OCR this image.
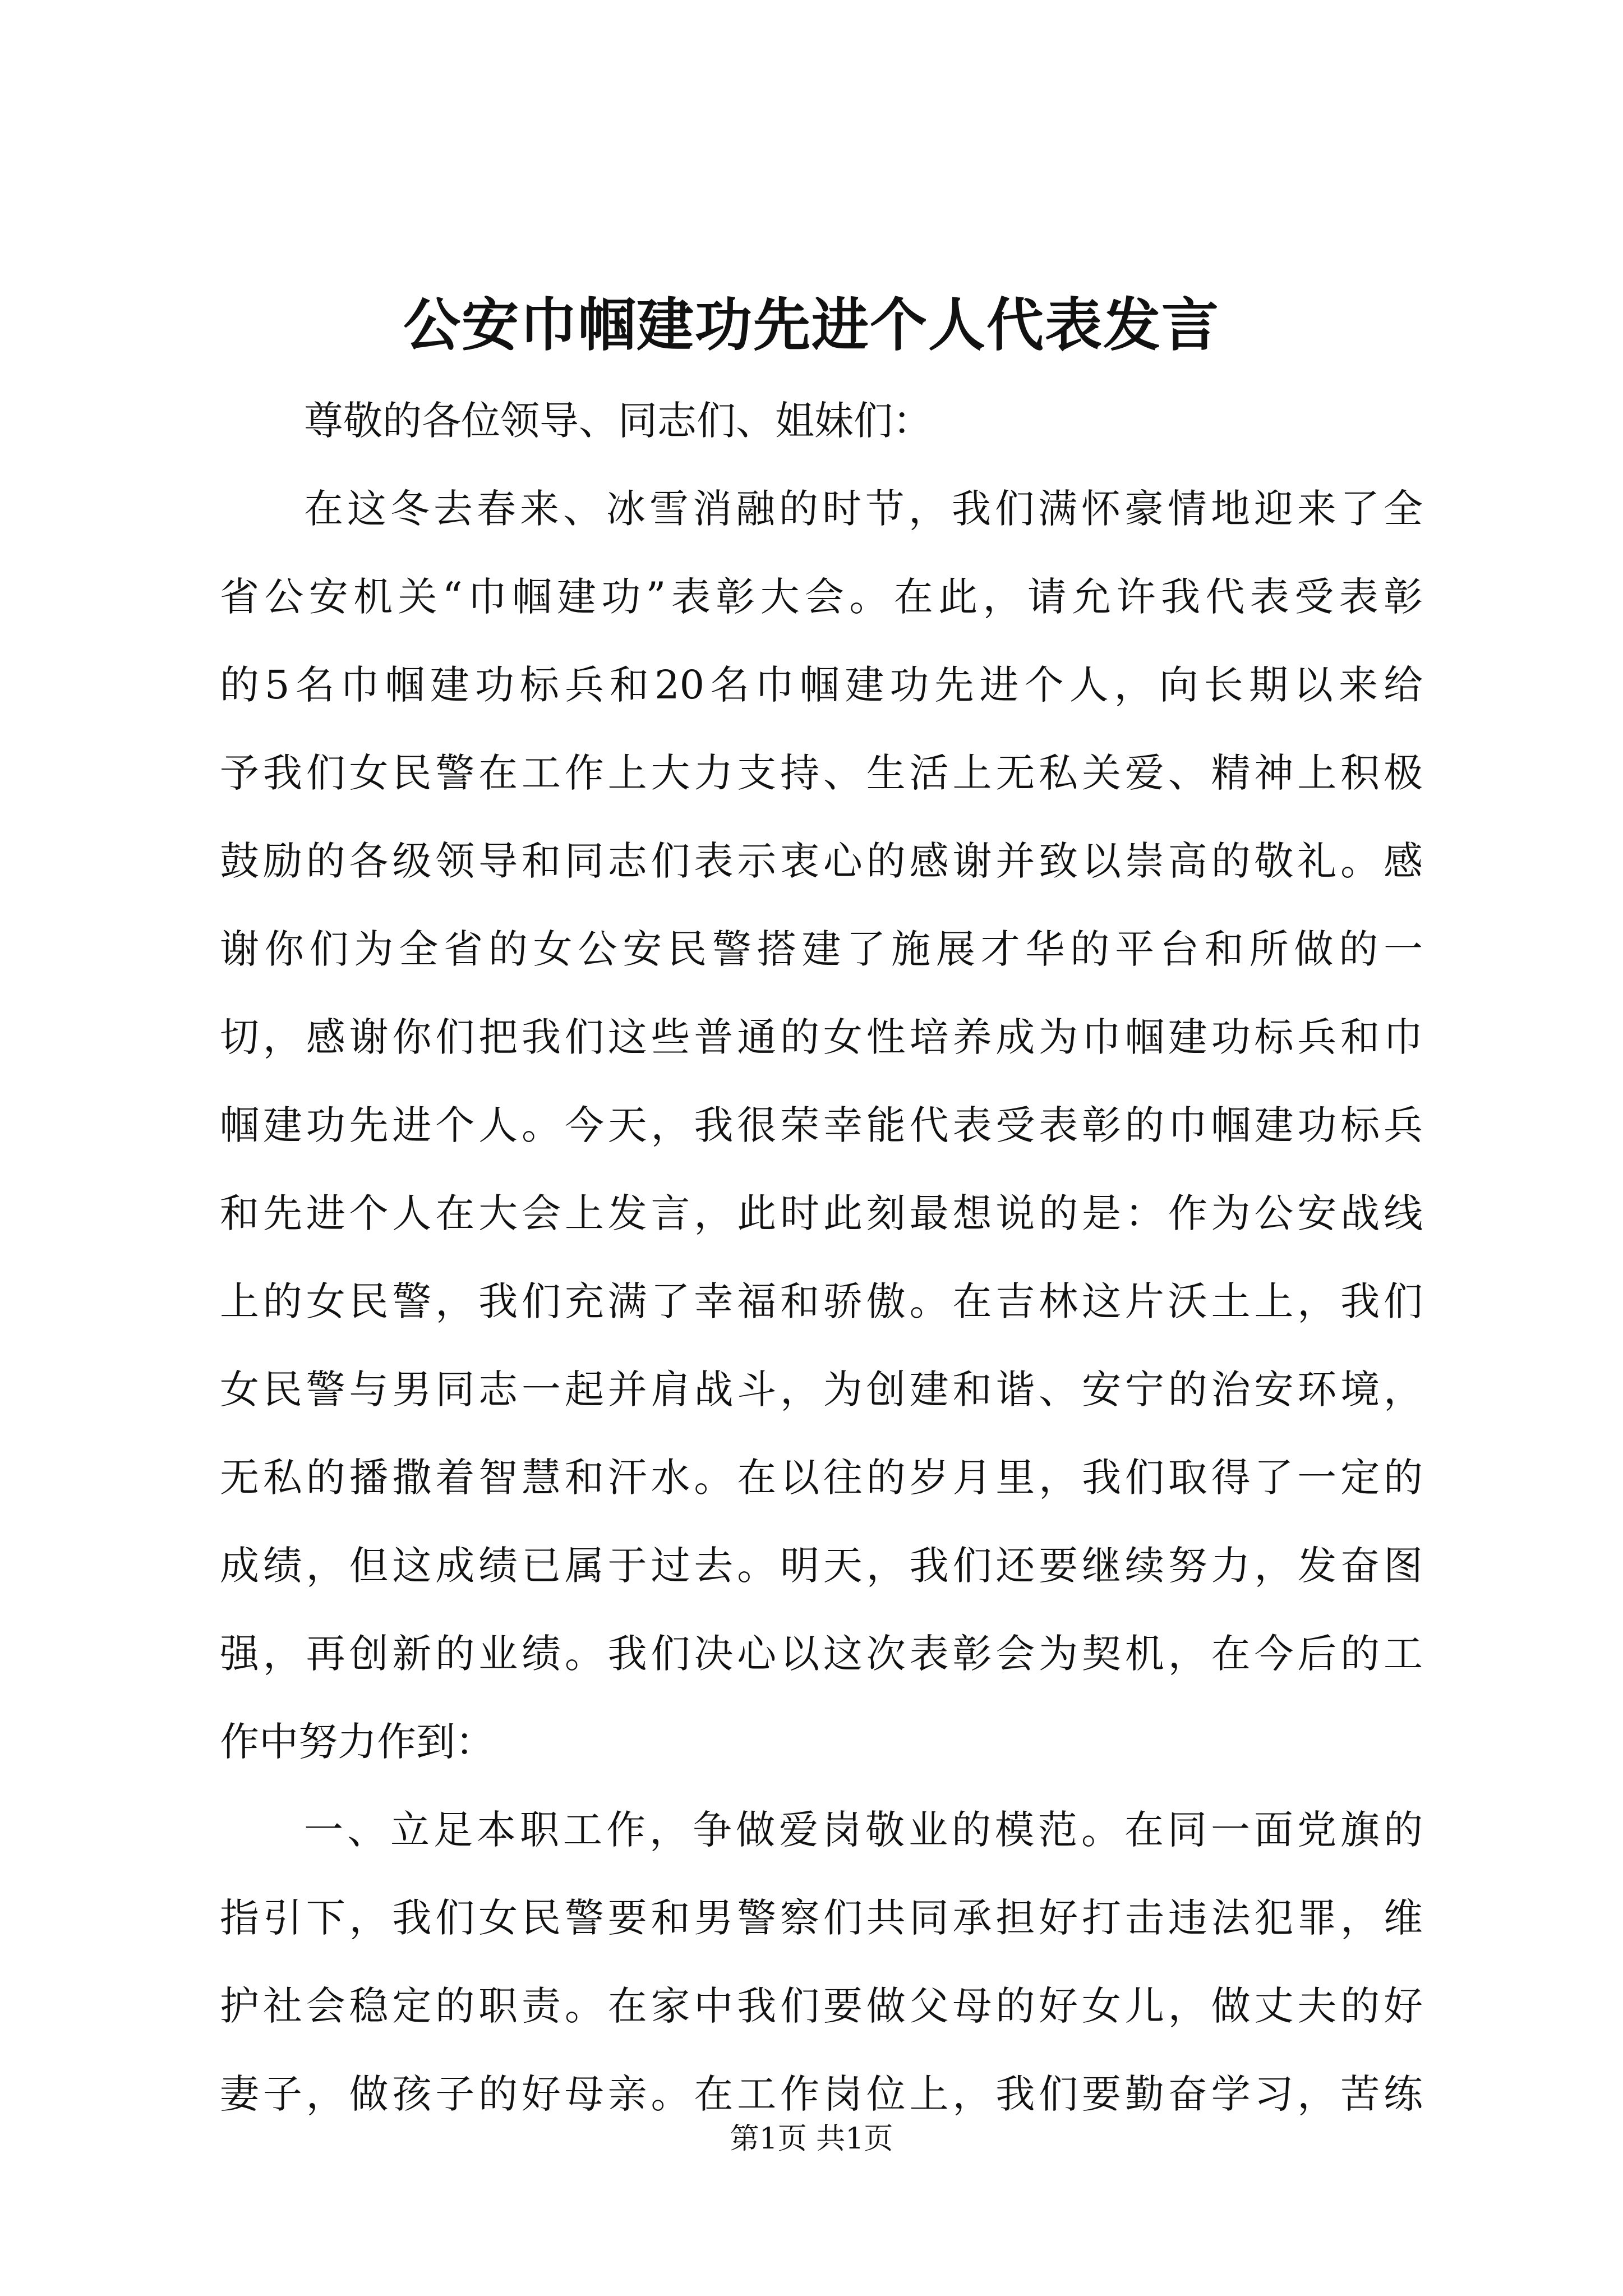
公安巾帼建功先进个人代表发言
尊敬的各位领导、同志们、姐妹们：
在这冬去春来、冰雪消融的时节，我们满怀豪情地迎来了全
省公安机关“巾帼建功”表彰大会。在此，请允许我代表受表彰
的5名巾帼建功标兵和20名巾帼建功先进个人，向长期以来给
予我们女民警在工作上大力支持、生活上无私关爱、精神上积极
鼓励的各级领导和同志们表示衷心的感谢并致以崇高的敬礼。感
谢你们为全省的女公安民警搭建了施展才华的平台和所做的一
切，感谢你们把我们这些普通的女性培养成为巾帼建功标兵和巾
帼建功先进个人。今天，我很荣幸能代表受表彰的巾帼建功标兵
和先进个人在大会上发言，此时此刻最想说的是：作为公安战线
上的女民警，我们充满了幸福和骄傲。在吉林这片沃土上，我们
女民警与男同志一起并肩战斗，为创建和谐、安宁的治安环境，
无私的播撒着智慧和汗水。在以往的岁月里，我们取得了一定的
成绩，但这成绩已属于过去。明天，我们还要继续努力，发奋图
强，再创新的业绩。我们决心以这次表彰会为契机，在今后的工
作中努力作到：
一、立足本职工作，争做爱岗敬业的模范。在同一面党旗的
指引下，我们女民警要和男警察们共同承担好打击违法犯罪，维
护社会稳定的职责。在家中我们要做父母的好女儿，做丈夫的好
妻子，做孩子的好母亲。在工作岗位上，我们要勤奋学习，苦练
第1页 共1页
